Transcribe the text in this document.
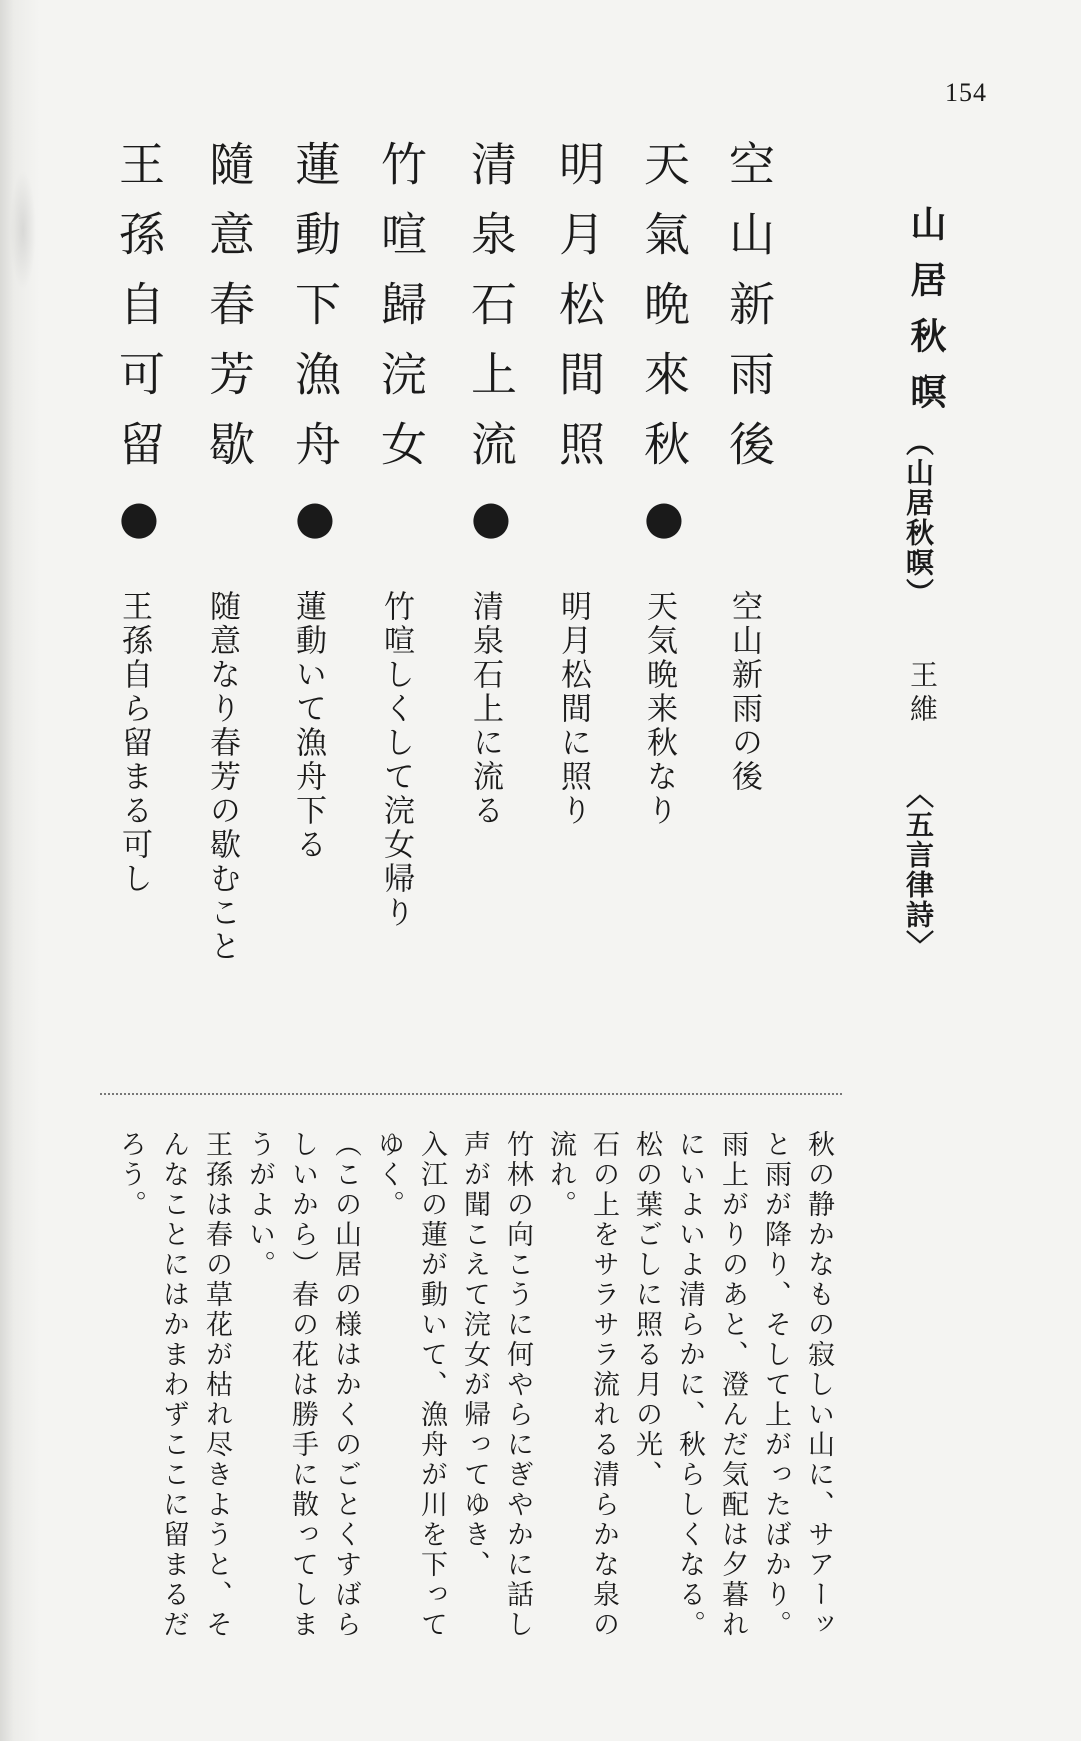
154
山居秋暝
（山居秋暝）
王維
〈五言律詩〉
空山新雨後
天氣晩來秋●
明月松間照
清泉石上流●
竹喧歸浣女
蓮動下漁舟●
隨意春芳歇
王孫自可留●
空山新雨の後
天気晩来秋なり
明月松間に照り
清泉石上に流る
竹喧しくして浣女帰り
蓮動いて漁舟下る
随意なり春芳の歇むこと
王孫自ら留まる可し
秋の静かなもの寂しい山に、サアーッ
と雨が降り、そして上がったばかり。
雨上がりのあと、澄んだ気配は夕暮れ
にいよいよ清らかに、秋らしくなる。
松の葉ごしに照る月の光、
石の上をサラサラ流れる清らかな泉の
流れ。
竹林の向こうに何やらにぎやかに話し
声が聞こえて浣女が帰ってゆき、
入江の蓮が動いて、漁舟が川を下って
ゆく。
（この山居の様はかくのごとくすばら
しいから）春の花は勝手に散ってしま
うがよい。
王孫は春の草花が枯れ尽きようと、そ
んなことにはかまわずここに留まるだ
ろう。
